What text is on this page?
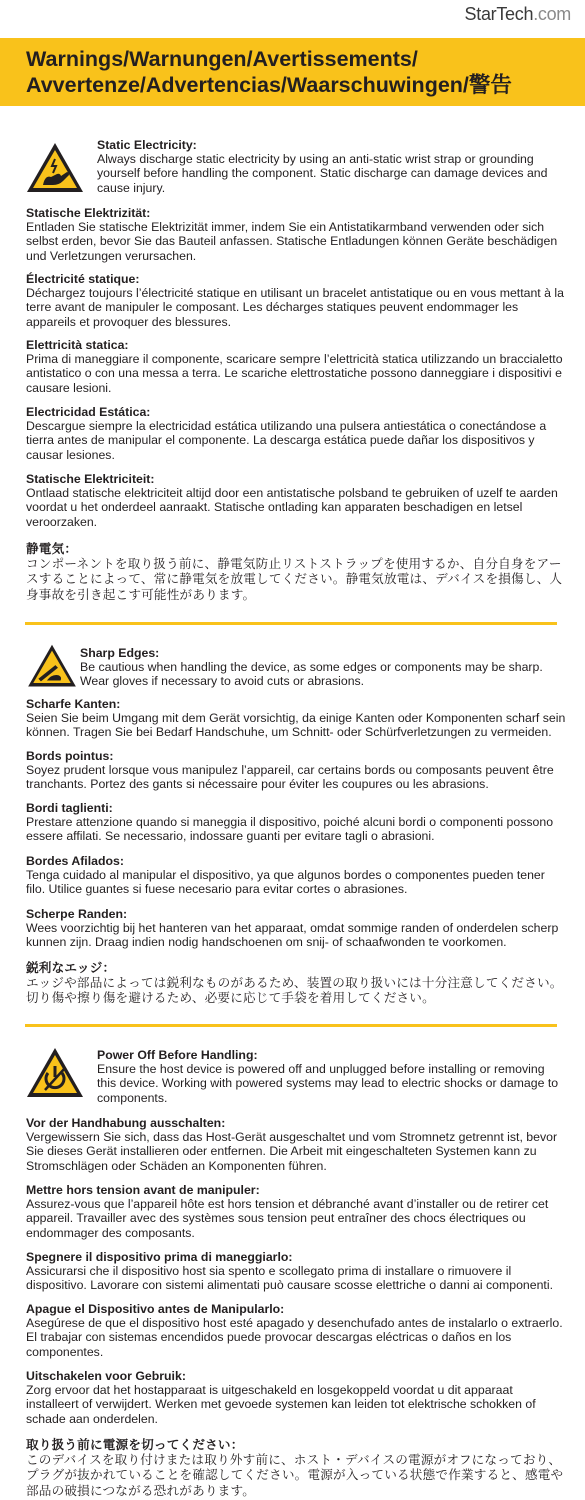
StarTech.com
Warnings/Warnungen/Avertissements/
Avvertenze/Advertencias/Waarschuwingen/警告
Static Electricity:
Always discharge static electricity by using an anti-static wrist strap or grounding yourself before handling the component. Static discharge can damage devices and cause injury.
Statische Elektrizität:
Entladen Sie statische Elektrizität immer, indem Sie ein Antistatikarmband verwenden oder sich selbst erden, bevor Sie das Bauteil anfassen. Statische Entladungen können Geräte beschädigen und Verletzungen verursachen.
Électricité statique:
Déchargez toujours l’électricité statique en utilisant un bracelet antistatique ou en vous mettant à la terre avant de manipuler le composant. Les décharges statiques peuvent endommager les appareils et provoquer des blessures.
Elettricità statica:
Prima di maneggiare il componente, scaricare sempre l’elettricità statica utilizzando un braccialetto antistatico o con una messa a terra. Le scariche elettrostatiche possono danneggiare i dispositivi e causare lesioni.
Electricidad Estática:
Descargue siempre la electricidad estática utilizando una pulsera antiestática o conectándose a tierra antes de manipular el componente. La descarga estática puede dañar los dispositivos y causar lesiones.
Statische Elektriciteit:
Ontlaad statische elektriciteit altijd door een antistatische polsband te gebruiken of uzelf te aarden voordat u het onderdeel aanraakt. Statische ontlading kan apparaten beschadigen en letsel veroorzaken.
静電気：
コンポーネントを取り扱う前に、静電気防止リストストラップを使用するか、自分自身をアースすることによって、常に静電気を放電してください。静電気放電は、デバイスを損傷し、人身事故を引き起こす可能性があります。
Sharp Edges:
Be cautious when handling the device, as some edges or components may be sharp. Wear gloves if necessary to avoid cuts or abrasions.
Scharfe Kanten:
Seien Sie beim Umgang mit dem Gerät vorsichtig, da einige Kanten oder Komponenten scharf sein können. Tragen Sie bei Bedarf Handschuhe, um Schnitt- oder Schürfverletzungen zu vermeiden.
Bords pointus:
Soyez prudent lorsque vous manipulez l’appareil, car certains bords ou composants peuvent être tranchants. Portez des gants si nécessaire pour éviter les coupures ou les abrasions.
Bordi taglienti:
Prestare attenzione quando si maneggia il dispositivo, poiché alcuni bordi o componenti possono essere affilati. Se necessario, indossare guanti per evitare tagli o abrasioni.
Bordes Afilados:
Tenga cuidado al manipular el dispositivo, ya que algunos bordes o componentes pueden tener filo. Utilice guantes si fuese necesario para evitar cortes o abrasiones.
Scherpe Randen:
Wees voorzichtig bij het hanteren van het apparaat, omdat sommige randen of onderdelen scherp kunnen zijn. Draag indien nodig handschoenen om snij- of schaafwonden te voorkomen.
鋭利なエッジ：
エッジや部品によっては鋭利なものがあるため、装置の取り扱いには十分注意してください。切り傷や擦り傷を避けるため、必要に応じて手袋を着用してください。
Power Off Before Handling:
Ensure the host device is powered off and unplugged before installing or removing this device. Working with powered systems may lead to electric shocks or damage to components.
Vor der Handhabung ausschalten:
Vergewissern Sie sich, dass das Host-Gerät ausgeschaltet und vom Stromnetz getrennt ist, bevor Sie dieses Gerät installieren oder entfernen. Die Arbeit mit eingeschalteten Systemen kann zu Stromschlägen oder Schäden an Komponenten führen.
Mettre hors tension avant de manipuler:
Assurez-vous que l’appareil hôte est hors tension et débranché avant d’installer ou de retirer cet appareil. Travailler avec des systèmes sous tension peut entraîner des chocs électriques ou endommager des composants.
Spegnere il dispositivo prima di maneggiarlo:
Assicurarsi che il dispositivo host sia spento e scollegato prima di installare o rimuovere il dispositivo. Lavorare con sistemi alimentati può causare scosse elettriche o danni ai componenti.
Apague el Dispositivo antes de Manipularlo:
Asegúrese de que el dispositivo host esté apagado y desenchufado antes de instalarlo o extraerlo. El trabajar con sistemas encendidos puede provocar descargas eléctricas o daños en los componentes.
Uitschakelen voor Gebruik:
Zorg ervoor dat het hostapparaat is uitgeschakeld en losgekoppeld voordat u dit apparaat installeert of verwijdert. Werken met gevoede systemen kan leiden tot elektrische schokken of schade aan onderdelen.
取り扱う前に電源を切ってください：
このデバイスを取り付けまたは取り外す前に、ホスト・デバイスの電源がオフになっており、プラグが抜かれていることを確認してください。電源が入っている状態で作業すると、感電や部品の破損につながる恐れがあります。
